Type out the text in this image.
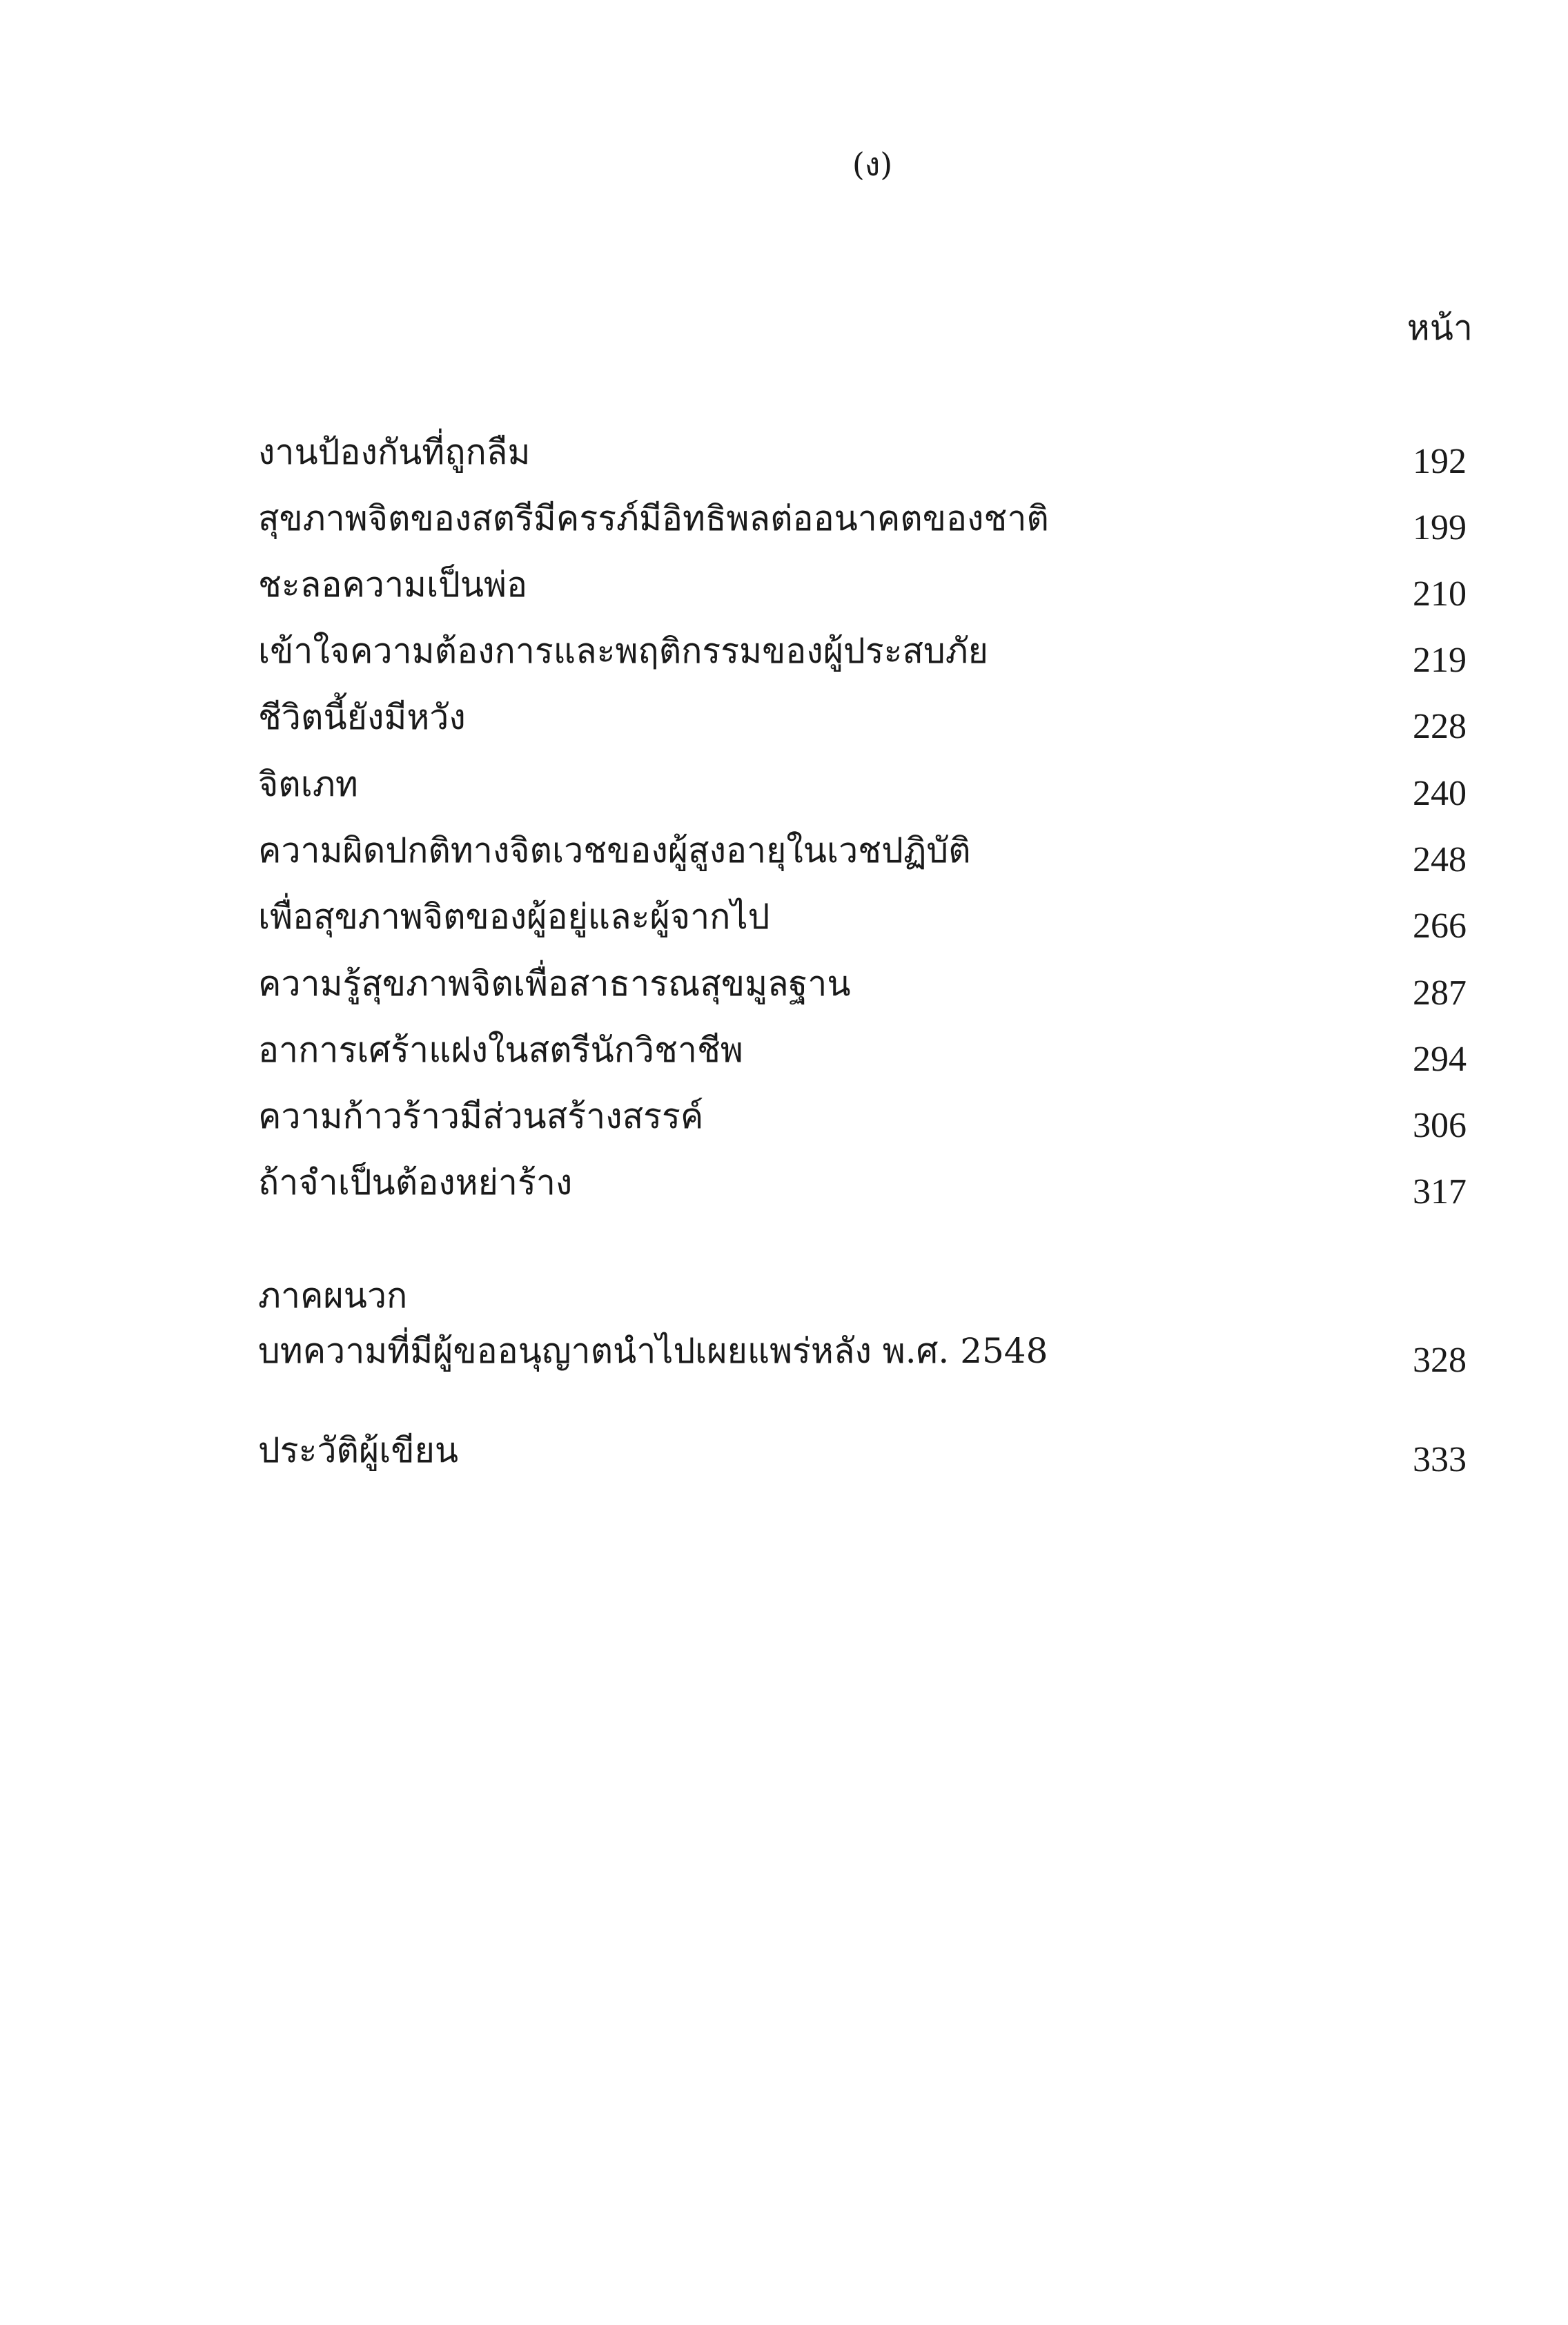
(ง)
หน้า
งานป้องกันที่ถูกลืม	192
สุขภาพจิตของสตรีมีครรภ์มีอิทธิพลต่ออนาคตของชาติ	199
ชะลอความเป็นพ่อ	210
เข้าใจความต้องการและพฤติกรรมของผู้ประสบภัย	219
ชีวิตนี้ยังมีหวัง	228
จิตเภท	240
ความผิดปกติทางจิตเวชของผู้สูงอายุในเวชปฏิบัติ	248
เพื่อสุขภาพจิตของผู้อยู่และผู้จากไป	266
ความรู้สุขภาพจิตเพื่อสาธารณสุขมูลฐาน	287
อาการเศร้าแฝงในสตรีนักวิชาชีพ	294
ความก้าวร้าวมีส่วนสร้างสรรค์	306
ถ้าจำเป็นต้องหย่าร้าง	317
ภาคผนวก
บทความที่มีผู้ขออนุญาตนำไปเผยแพร่หลัง พ.ศ. 2548	328
ประวัติผู้เขียน	333
